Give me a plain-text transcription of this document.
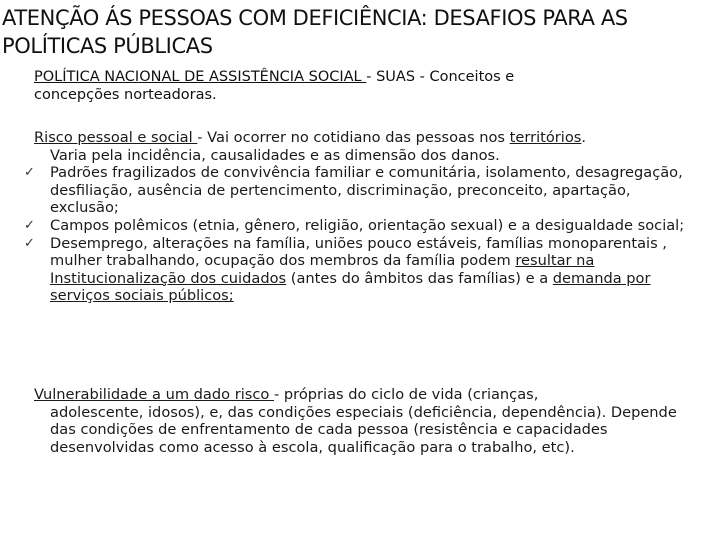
ATENÇÃO ÁS PESSOAS COM DEFICIÊNCIA: DESAFIOS PARA AS POLÍTICAS PÚBLICAS
POLÍTICA NACIONAL DE ASSISTÊNCIA SOCIAL - SUAS - Conceitos e
concepções norteadoras.
Risco pessoal e social - Vai ocorrer no cotidiano das pessoas nos territórios.
Varia pela incidência, causalidades e as dimensão dos danos.
✓ Padrões fragilizados de convivência familiar e comunitária, isolamento, desagregação, desfiliação, ausência de pertencimento, discriminação, preconceito, apartação, exclusão;
✓ Campos polêmicos (etnia, gênero, religião, orientação sexual) e a desigualdade social;
✓ Desemprego, alterações na família, uniões pouco estáveis, famílias monoparentais , mulher trabalhando, ocupação dos membros da família podem resultar na Institucionalização dos cuidados (antes do âmbitos das famílias) e a demanda por serviços sociais públicos;
Vulnerabilidade a um dado risco - próprias do ciclo de vida (crianças,
adolescente, idosos), e, das condições especiais (deficiência, dependência). Depende das condições de enfrentamento de cada pessoa (resistência e capacidades desenvolvidas como acesso à escola, qualificação para o trabalho, etc).
